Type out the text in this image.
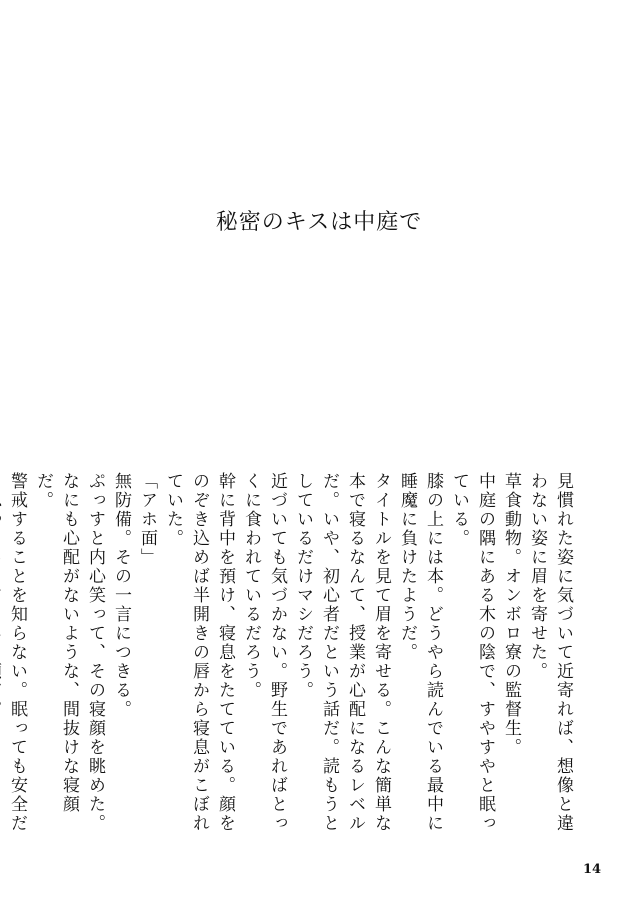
秘密のキスは中庭で

見慣れた姿に気づいて近寄れば、想像と違わない姿に眉を寄せた。

草食動物。オンボロ寮の監督生。

中庭の隅にある木の陰で、すやすやと眠っている。

膝の上には本。どうやら読んでいる最中に睡魔に負けたようだ。

タイトルを見て眉を寄せる。こんな簡単な本で寝るなんて、授業が心配になるレベルだ。いや、初心者だという話だ。読もうとしているだけマシだろう。

近づいても気づかない。野生であればとっくに食われているだろう。

幹に背中を預け、寝息をたてている。顔をのぞき込めば半開きの唇から寝息がこぼれていた。

「アホ面」

無防備。その一言につきる。

ぷっすと内心笑って、その寝顔を眺めた。

なにも心配がないような、間抜けな寝顔だ。

警戒することを知らない。眠っても安全だ

14
